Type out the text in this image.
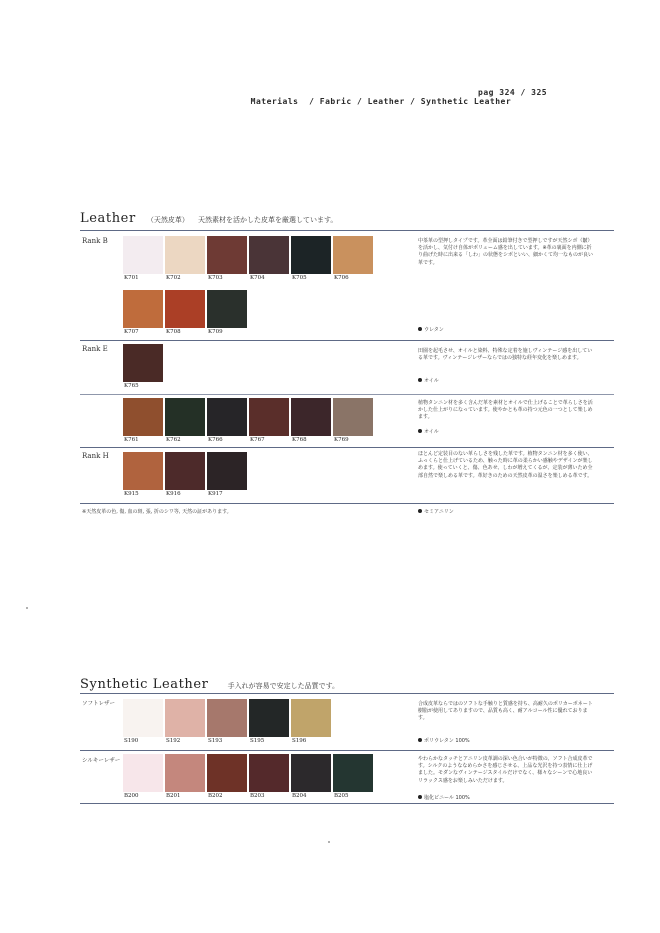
Materials  / Fabric / Leather / Synthetic Leather

pag 324 / 325
Leather （天然皮革） 天然素材を活かした皮革を厳選しています。
Rank B
K701	K702	K703	K704	K705	K706
K707	K708	K709
中茶革の型押しタイプです。革全面は鉛筆付きで型押しですが天然シボ（皺）を活かし、気付け自体がボリューム感を出しています。※革の裏面を内側に折り曲げた時に出来る「しわ」の状態をシボといい、細かくて均一なものが良い革です。
ウレタン
Rank E
K765
田園を起毛させ、オイルと染料、特殊な定着を施しヴィンテージ感を出している革です。ヴィンテージレザーならではの独特な経年変化を楽しめます。
オイル
K761	K762	K766	K767	K768	K769
植物タンニン材を多く含んだ革を素材とオイルで仕上げることで革らしさを活かした仕上がりになっています。使やかとも革の持つ元色の一つとして楽しめます。
オイル
Rank H
K915	K916	K917
ほとんど定装目のない革らしさを残した革です。植物タンニン材を多く使い、ふっくらと仕上げているため、触った時に革の柔らかい感触やデザインが楽しめます。使っていくと、傷、色あせ、しわが増えてくるが、定装が薄いため全部自然で楽しめる革です。革好きのための天然皮革の温さを楽しめる革です。
※天然皮革の色, 傷, 血の斑, 張, 折のシワ等, 天然の証があります。	セミアニリン
Synthetic Leather	手入れが容易で安定した品質です。
ソフトレザー
S190	S192	S193	S195	S196
合成皮革ならではのソフトな手触りと質感を持ち、高耐久のポリカーボネート樹脂が使用してありますので、品質も高く、耐アルコール性に優れております。
ポリウレタン 100%
シルキーレザー
B200	B201	B202	B203	B204	B205
やわらかなタッチとアニリン皮革調の深い色合いが特徴の、ソフト合成皮革です。シルクのようななめらかさを感じさせる、上品な光沢を持つ表情に仕上げました。モダンなヴィンテージスタイルだけでなく、様々なシーンで心地良いリラックス感をお楽しみいただけます。
塩化ビニール 100%
